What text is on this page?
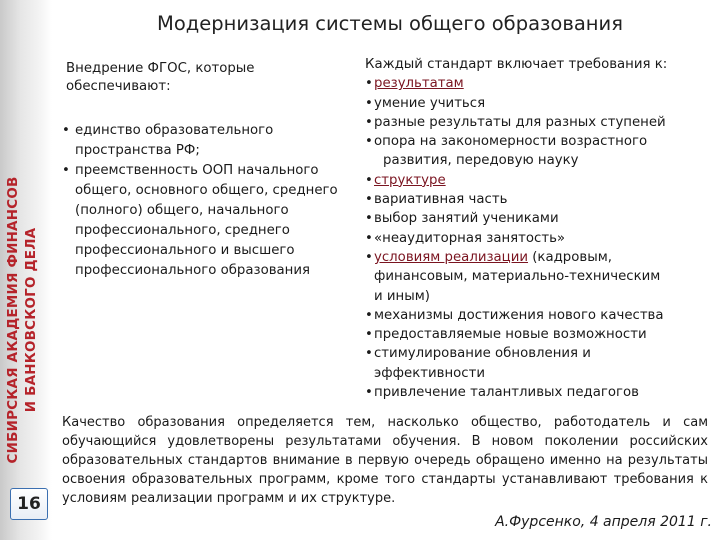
СИБИРСКАЯ АКАДЕМИЯ ФИНАНСОВ И БАНКОВСКОГО ДЕЛА
16
Модернизация системы общего образования
Внедрение ФГОС, которые обеспечивают:
• единство образовательного пространства РФ;
• преемственность ООП начального общего, основного общего, среднего (полного) общего, начального профессионального, среднего профессионального и высшего профессионального образования

Каждый стандарт включает требования к:

• результатам
• умение учиться
• разные результаты для разных ступеней
• опора на закономерности возрастного
развития, передовую науку
• структуре
• вариативная часть
• выбор занятий учениками
• «неаудиторная занятость»
• условиям реализации (кадровым,
финансовым, материально-техническим
и иным)
• механизмы достижения нового качества
• предоставляемые новые возможности
• стимулирование обновления и
эффективности
• привлечение талантливых педагогов
Качество образования определяется тем, насколько общество, работодатель и сам обучающийся удовлетворены результатами обучения. В новом поколении российских образовательных стандартов внимание в первую очередь обращено именно на результаты освоения образовательных программ, кроме того стандарты устанавливают требования к условиям реализации программ и их структуре.
А.Фурсенко, 4 апреля 2011 г.
